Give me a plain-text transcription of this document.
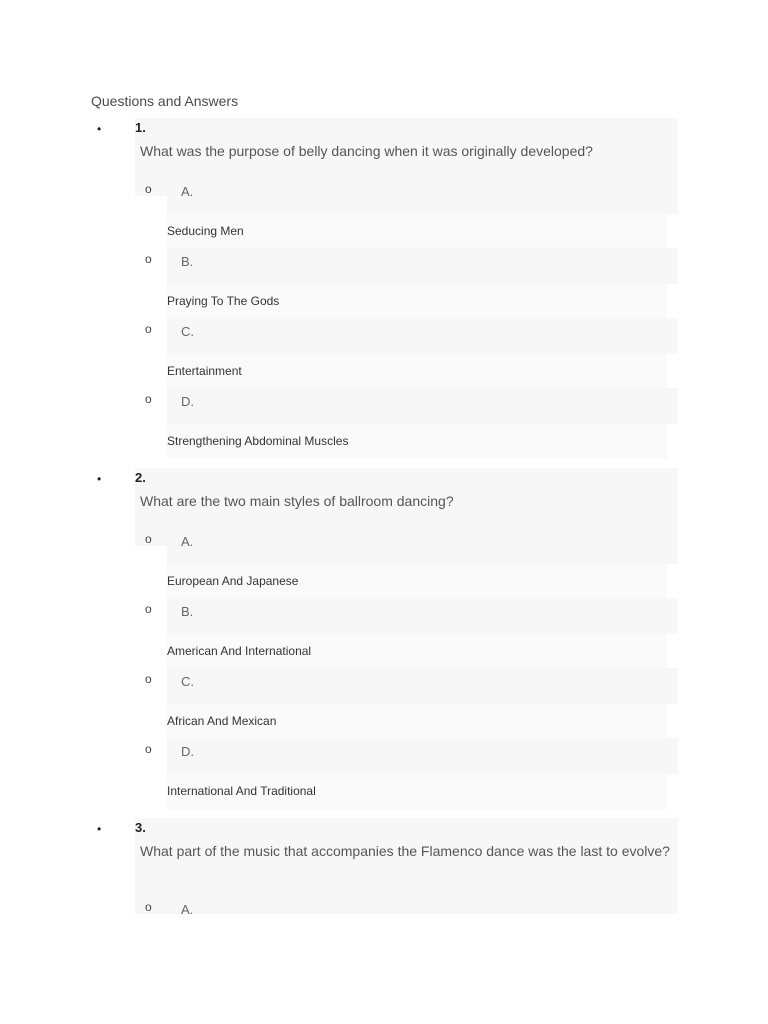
Questions and Answers
•	1.
What was the purpose of belly dancing when it was originally developed?
o A.
Seducing Men
o B.
Praying To The Gods
o C.
Entertainment
o D.
Strengthening Abdominal Muscles
•	2.
What are the two main styles of ballroom dancing?
o A.
European And Japanese
o B.
American And International
o C.
African And Mexican
o D.
International And Traditional
•	3.
What part of the music that accompanies the Flamenco dance was the last to evolve?
o A.
